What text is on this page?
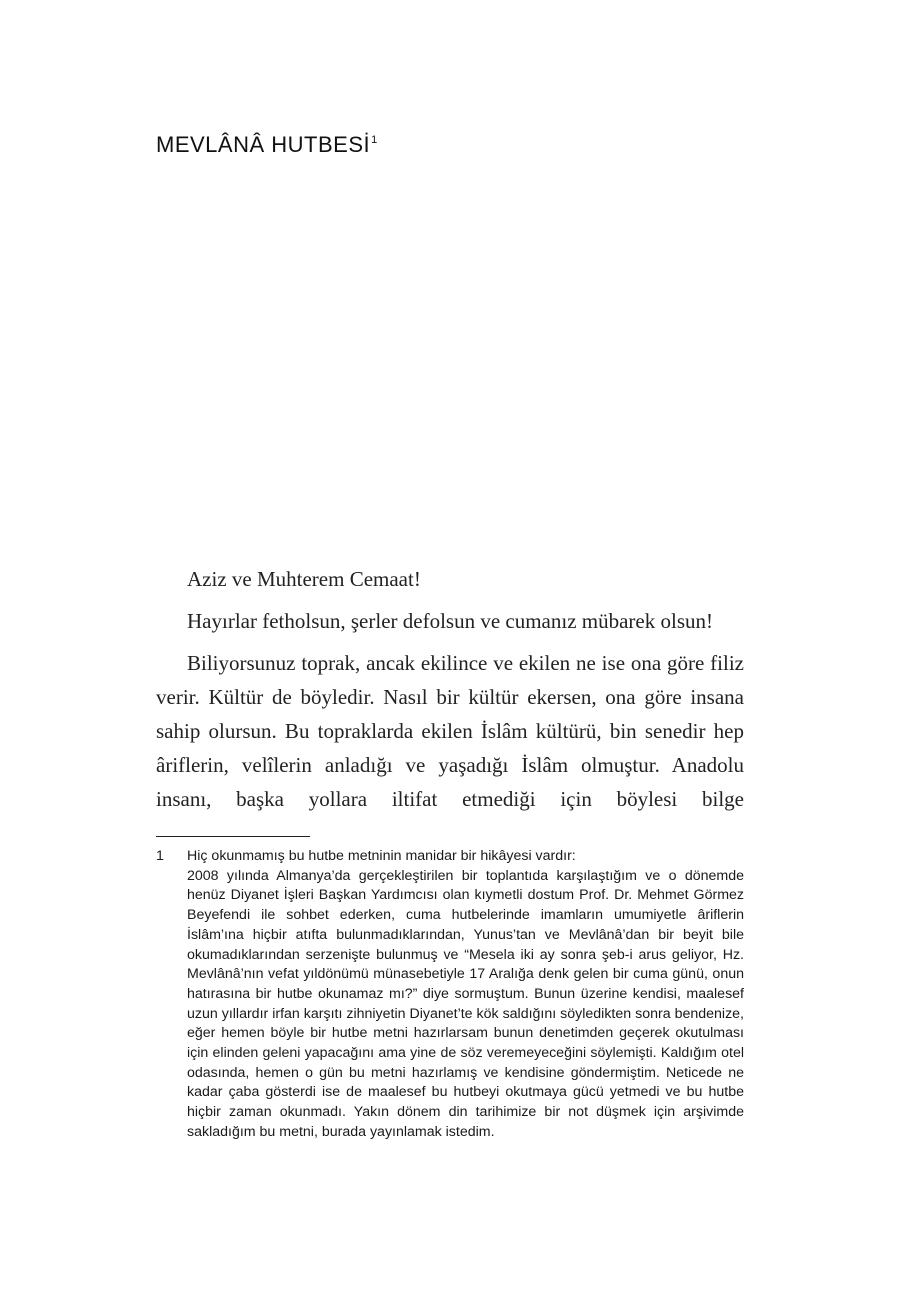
MEVLÂNÂ HUTBESİ$^1$

Aziz ve Muhterem Cemaat!

Hayırlar fetholsun, şerler defolsun ve cumanız mübarek olsun!

Biliyorsunuz toprak, ancak ekilince ve ekilen ne ise ona göre filiz verir. Kültür de böyledir. Nasıl bir kültür ekersen, ona göre insana sahip olursun. Bu topraklarda ekilen İslâm kültürü, bin senedir hep âriflerin, velîlerin anladığı ve yaşadığı İslâm olmuştur. Anadolu insanı, başka yollara iltifat etmediği için böylesi bilge

1 Hiç okunmamış bu hutbe metninin manidar bir hikâyesi vardır:
2008 yılında Almanya’da gerçekleştirilen bir toplantıda karşılaştığım ve o dönemde henüz Diyanet İşleri Başkan Yardımcısı olan kıymetli dostum Prof. Dr. Mehmet Görmez Beyefendi ile sohbet ederken, cuma hutbelerinde imamların umumiyetle âriflerin İslâm’ına hiçbir atıfta bulunmadıklarından, Yunus’tan ve Mevlânâ’dan bir beyit bile okumadıklarından serzenişte bulunmuş ve “Mesela iki ay sonra şeb-i arus geliyor, Hz. Mevlânâ’nın vefat yıldönümü münasebetiyle 17 Aralığa denk gelen bir cuma günü, onun hatırasına bir hutbe okunamaz mı?” diye sormuştum. Bunun üzerine kendisi, maalesef uzun yıllardır irfan karşıtı zihniyetin Diyanet’te kök saldığını söyledikten sonra bendenize, eğer hemen böyle bir hutbe metni hazırlarsam bunun denetimden geçerek okutulması için elinden geleni yapacağını ama yine de söz veremeyeceğini söylemişti. Kaldığım otel odasında, hemen o gün bu metni hazırlamış ve kendisine göndermiştim. Neticede ne kadar çaba gösterdi ise de maalesef bu hutbeyi okutmaya gücü yetmedi ve bu hutbe hiçbir zaman okunmadı. Yakın dönem din tarihimize bir not düşmek için arşivimde sakladığım bu metni, burada yayınlamak istedim.
